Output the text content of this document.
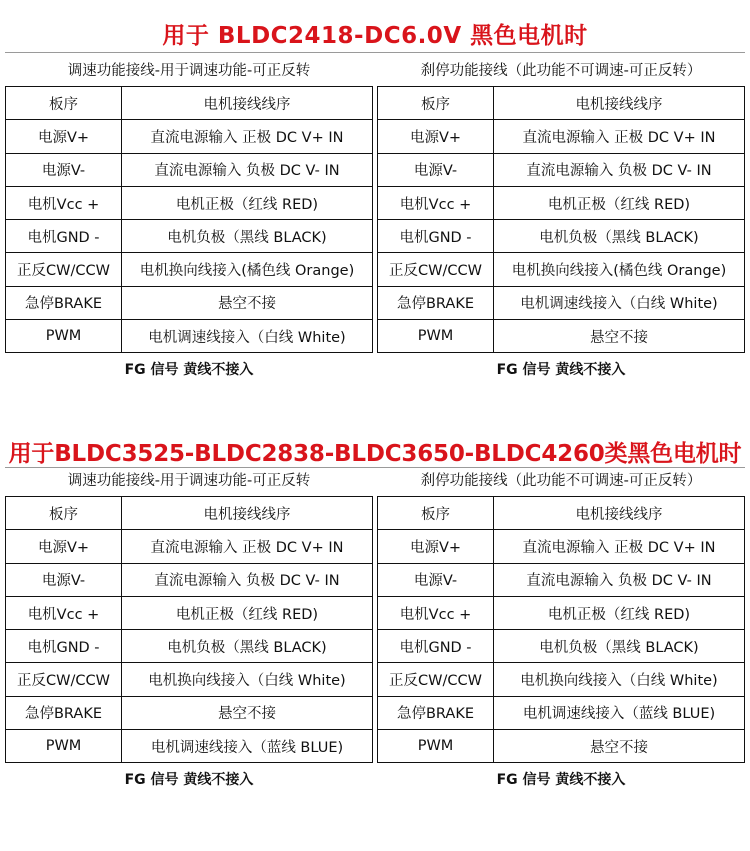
用于 BLDC2418-DC6.0V 黑色电机时
调速功能接线-用于调速功能-可正反转
板序	电机接线线序
电源V+	直流电源输入 正极 DC V+ IN
电源V-	直流电源输入 负极 DC V- IN
电机Vcc +	电机正极（红线 RED)
电机GND -	电机负极（黑线 BLACK)
正反CW/CCW	电机换向线接入(橘色线 Orange)
急停BRAKE	悬空不接
PWM	电机调速线接入（白线 White)
FG 信号 黄线不接入
刹停功能接线（此功能不可调速-可正反转）
板序	电机接线线序
电源V+	直流电源输入 正极 DC V+ IN
电源V-	直流电源输入 负极 DC V- IN
电机Vcc +	电机正极（红线 RED)
电机GND -	电机负极（黑线 BLACK)
正反CW/CCW	电机换向线接入(橘色线 Orange)
急停BRAKE	电机调速线接入（白线 White)
PWM	悬空不接
FG 信号 黄线不接入
用于BLDC3525-BLDC2838-BLDC3650-BLDC4260类黑色电机时
调速功能接线-用于调速功能-可正反转
板序	电机接线线序
电源V+	直流电源输入 正极 DC V+ IN
电源V-	直流电源输入 负极 DC V- IN
电机Vcc +	电机正极（红线 RED)
电机GND -	电机负极（黑线 BLACK)
正反CW/CCW	电机换向线接入（白线 White)
急停BRAKE	悬空不接
PWM	电机调速线接入（蓝线 BLUE)
FG 信号 黄线不接入
刹停功能接线（此功能不可调速-可正反转）
板序	电机接线线序
电源V+	直流电源输入 正极 DC V+ IN
电源V-	直流电源输入 负极 DC V- IN
电机Vcc +	电机正极（红线 RED)
电机GND -	电机负极（黑线 BLACK)
正反CW/CCW	电机换向线接入（白线 White)
急停BRAKE	电机调速线接入（蓝线 BLUE)
PWM	悬空不接
FG 信号 黄线不接入
